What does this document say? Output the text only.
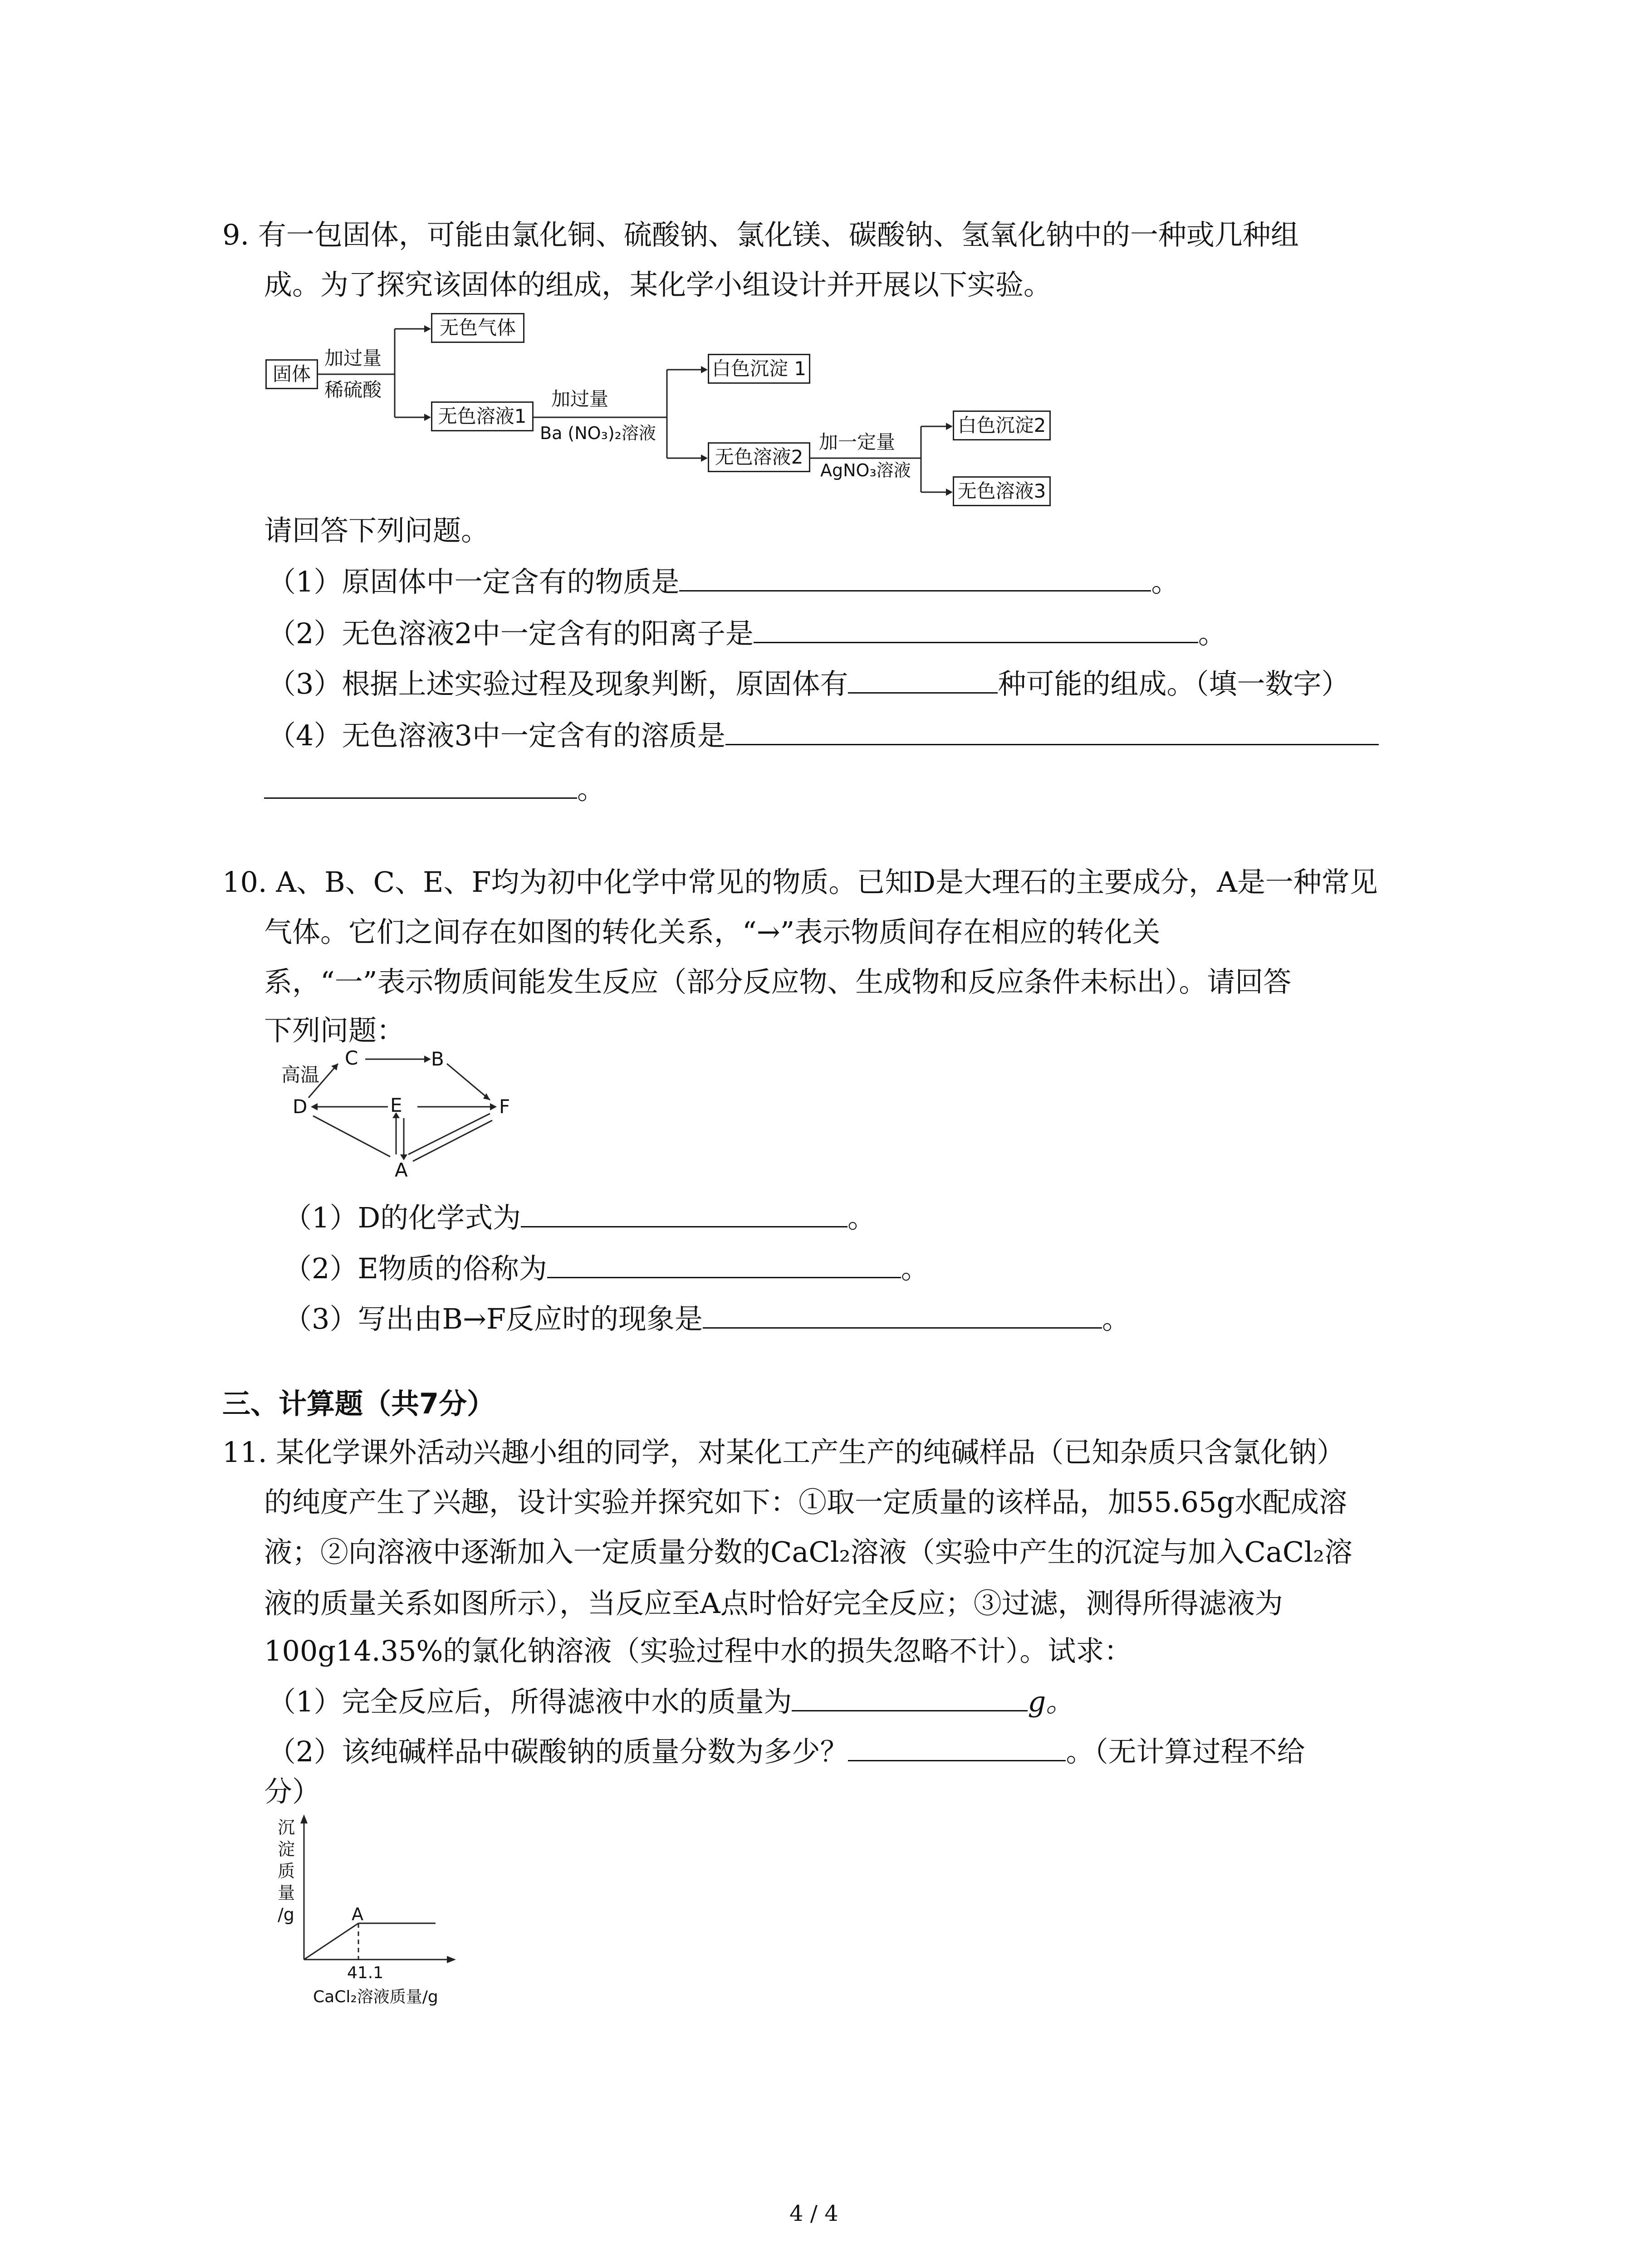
9. 有一包固体，可能由氯化铜、硫酸钠、氯化镁、碳酸钠、氢氧化钠中的一种或几种组
成。为了探究该固体的组成，某化学小组设计并开展以下实验。
固体
加过量
稀硫酸
无色气体
无色溶液1
加过量
Ba (NO₃)₂溶液
白色沉淀 1
无色溶液2
加一定量
AgNO₃溶液
白色沉淀2
无色溶液3
请回答下列问题。
（1）原固体中一定含有的物质是	。
（2）无色溶液2中一定含有的阳离子是	。
（3）根据上述实验过程及现象判断，原固体有	种可能的组成。（填一数字）
（4）无色溶液3中一定含有的溶质是
。
10. A、B、C、E、F均为初中化学中常见的物质。已知D是大理石的主要成分，A是一种常见
气体。它们之间存在如图的转化关系，“→”表示物质间存在相应的转化关
系，“一”表示物质间能发生反应（部分反应物、生成物和反应条件未标出）。请回答
下列问题：
高温
C	B
D	E	F
A
（1）D的化学式为	。
（2）E物质的俗称为	。
（3）写出由B→F反应时的现象是	。
三、计算题（共7分）
11. 某化学课外活动兴趣小组的同学，对某化工产生产的纯碱样品（已知杂质只含氯化钠）
的纯度产生了兴趣，设计实验并探究如下：①取一定质量的该样品，加55.65g水配成溶
液；②向溶液中逐渐加入一定质量分数的CaCl₂溶液（实验中产生的沉淀与加入CaCl₂溶
液的质量关系如图所示），当反应至A点时恰好完全反应；③过滤，测得所得滤液为
100g14.35%的氯化钠溶液（实验过程中水的损失忽略不计）。试求：
（1）完全反应后，所得滤液中水的质量为	g。
（2）该纯碱样品中碳酸钠的质量分数为多少？	。（无计算过程不给
分）
沉
淀
质
量
/g	A
41.1
CaCl₂溶液质量/g
4 / 4
